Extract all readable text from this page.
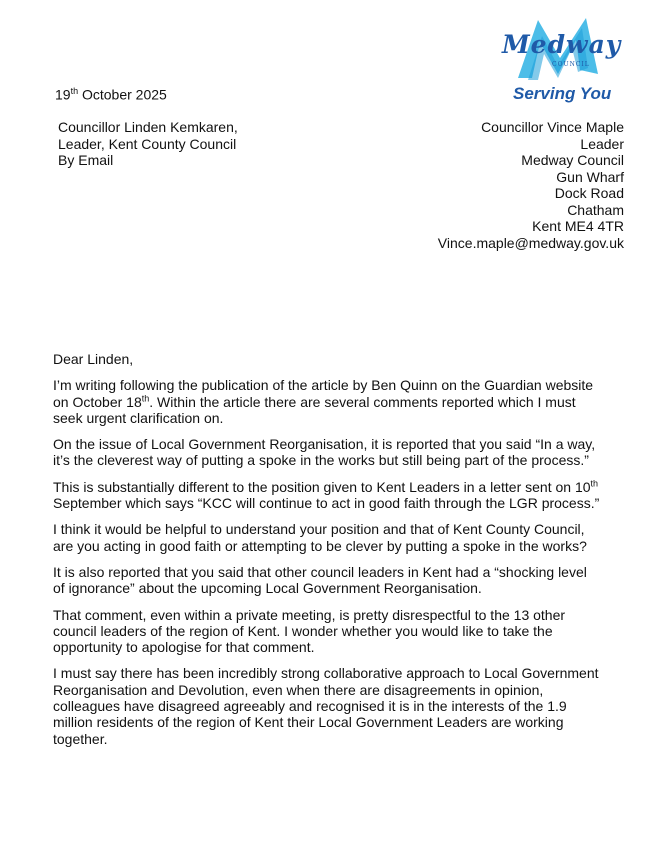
Medway
COUNCIL
Serving You
19th October 2025
Councillor Linden Kemkaren,
Leader, Kent County Council
By Email
Councillor Vince Maple
Leader
Medway Council
Gun Wharf
Dock Road
Chatham
Kent ME4 4TR
Vince.maple@medway.gov.uk

Dear Linden,

I’m writing following the publication of the article by Ben Quinn on the Guardian website on October 18th. Within the article there are several comments reported which I must seek urgent clarification on.

On the issue of Local Government Reorganisation, it is reported that you said “In a way, it’s the cleverest way of putting a spoke in the works but still being part of the process.”

This is substantially different to the position given to Kent Leaders in a letter sent on 10th September which says “KCC will continue to act in good faith through the LGR process.”

I think it would be helpful to understand your position and that of Kent County Council, are you acting in good faith or attempting to be clever by putting a spoke in the works?

It is also reported that you said that other council leaders in Kent had a “shocking level of ignorance” about the upcoming Local Government Reorganisation.

That comment, even within a private meeting, is pretty disrespectful to the 13 other council leaders of the region of Kent. I wonder whether you would like to take the opportunity to apologise for that comment.

I must say there has been incredibly strong collaborative approach to Local Government Reorganisation and Devolution, even when there are disagreements in opinion, colleagues have disagreed agreeably and recognised it is in the interests of the 1.9 million residents of the region of Kent their Local Government Leaders are working together.
